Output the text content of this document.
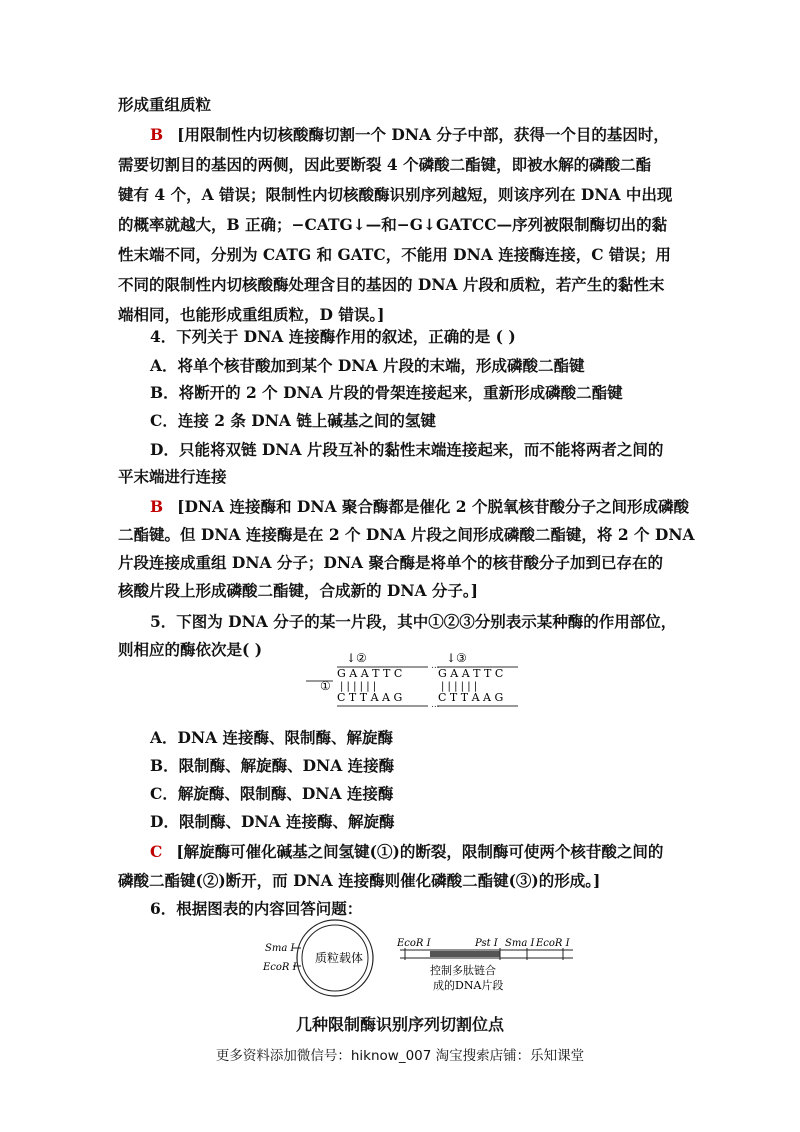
形成重组质粒
B [用限制性内切核酸酶切割一个 DNA 分子中部，获得一个目的基因时，
需要切割目的基因的两侧，因此要断裂 4 个磷酸二酯键，即被水解的磷酸二酯
键有 4 个，A 错误；限制性内切核酸酶识别序列越短，则该序列在 DNA 中出现
的概率就越大，B 正确；−CATG↓—和−G↓GATCC—序列被限制酶切出的黏
性末端不同，分别为 CATG 和 GATC，不能用 DNA 连接酶连接，C 错误；用
不同的限制性内切核酸酶处理含目的基因的 DNA 片段和质粒，若产生的黏性末
端相同，也能形成重组质粒，D 错误。]
4．下列关于 DNA 连接酶作用的叙述，正确的是 ( )
A．将单个核苷酸加到某个 DNA 片段的末端，形成磷酸二酯键
B．将断开的 2 个 DNA 片段的骨架连接起来，重新形成磷酸二酯键
C．连接 2 条 DNA 链上碱基之间的氢键
D．只能将双链 DNA 片段互补的黏性末端连接起来，而不能将两者之间的
平末端进行连接
B [DNA 连接酶和 DNA 聚合酶都是催化 2 个脱氧核苷酸分子之间形成磷酸
二酯键。但 DNA 连接酶是在 2 个 DNA 片段之间形成磷酸二酯键，将 2 个 DNA
片段连接成重组 DNA 分子；DNA 聚合酶是将单个的核苷酸分子加到已存在的
核酸片段上形成磷酸二酯键，合成新的 DNA 分子。]
5．下图为 DNA 分子的某一片段，其中①②③分别表示某种酶的作用部位，
则相应的酶依次是( )
A．DNA 连接酶、限制酶、解旋酶
B．限制酶、解旋酶、DNA 连接酶
C．解旋酶、限制酶、DNA 连接酶
D．限制酶、DNA 连接酶、解旋酶
C [解旋酶可催化碱基之间氢键(①)的断裂，限制酶可使两个核苷酸之间的
磷酸二酯键(②)断开，而 DNA 连接酶则催化磷酸二酯键(③)的形成。]
6．根据图表的内容回答问题：
↓②	↓③
...
G A A T T C	G A A T T C
① | | | | | |	| | | | | |
C T T A A G	C T T A A G
...
质粒载体
Sma Ⅰ
EcoR Ⅰ
EcoR Ⅰ	Pst Ⅰ Sma Ⅰ EcoR Ⅰ
控制多肽链合
成的DNA片段
几种限制酶识别序列切割位点
更多资料添加微信号：hiknow_007 淘宝搜索店铺：乐知课堂
